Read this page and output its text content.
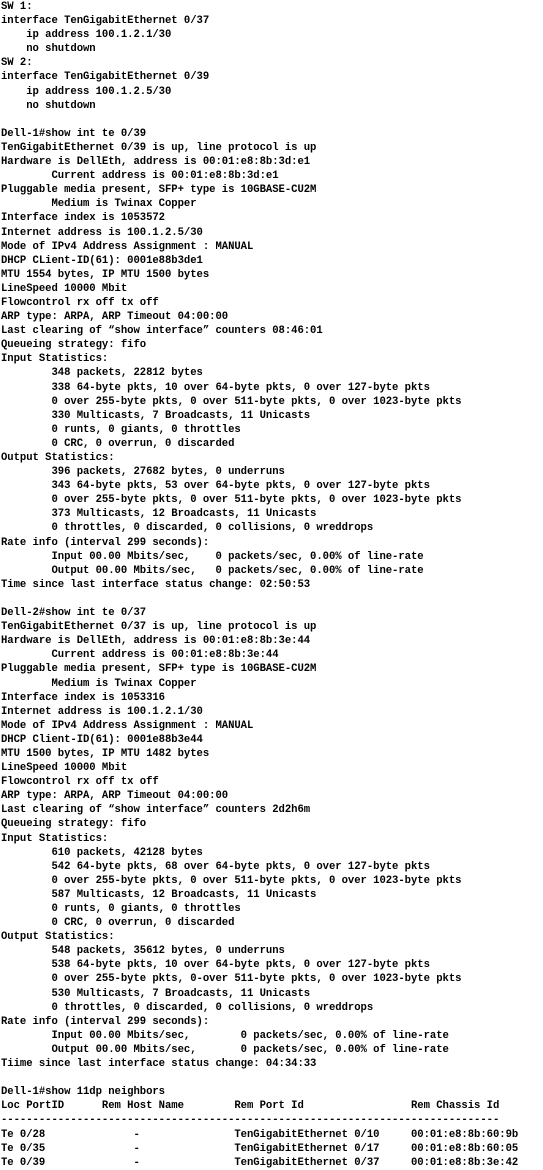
SW 1:
interface TenGigabitEthernet 0/37
ip address 100.1.2.1/30
no shutdown
SW 2:
interface TenGigabitEthernet 0/39
ip address 100.1.2.5/30
no shutdown
Dell-1#show int te 0/39
TenGigabitEthernet 0/39 is up, line protocol is up
Hardware is DellEth, address is 00:01:e8:8b:3d:e1
Current address is 00:01:e8:8b:3d:e1
Pluggable media present, SFP+ type is 10GBASE-CU2M
Medium is Twinax Copper
Interface index is 1053572
Internet address is 100.1.2.5/30
Mode of IPv4 Address Assignment : MANUAL
DHCP CLient-ID(61): 0001e88b3de1
MTU 1554 bytes, IP MTU 1500 bytes
LineSpeed 10000 Mbit
Flowcontrol rx off tx off
ARP type: ARPA, ARP Timeout 04:00:00
Last clearing of “show interface” counters 08:46:01
Queueing strategy: fifo
Input Statistics:
348 packets, 22812 bytes
338 64-byte pkts, 10 over 64-byte pkts, 0 over 127-byte pkts
0 over 255-byte pkts, 0 over 511-byte pkts, 0 over 1023-byte pkts
330 Multicasts, 7 Broadcasts, 11 Unicasts
0 runts, 0 giants, 0 throttles
0 CRC, 0 overrun, 0 discarded
Output Statistics:
396 packets, 27682 bytes, 0 underruns
343 64-byte pkts, 53 over 64-byte pkts, 0 over 127-byte pkts
0 over 255-byte pkts, 0 over 511-byte pkts, 0 over 1023-byte pkts
373 Multicasts, 12 Broadcasts, 11 Unicasts
0 throttles, 0 discarded, 0 collisions, 0 wreddrops
Rate info (interval 299 seconds):
Input 00.00 Mbits/sec,    0 packets/sec, 0.00% of line-rate
Output 00.00 Mbits/sec,   0 packets/sec, 0.00% of line-rate
Time since last interface status change: 02:50:53
Dell-2#show int te 0/37
TenGigabitEthernet 0/37 is up, line protocol is up
Hardware is DellEth, address is 00:01:e8:8b:3e:44
Current address is 00:01:e8:8b:3e:44
Pluggable media present, SFP+ type is 10GBASE-CU2M
Medium is Twinax Copper
Interface index is 1053316
Internet address is 100.1.2.1/30
Mode of IPv4 Address Assignment : MANUAL
DHCP Client-ID(61): 0001e88b3e44
MTU 1500 bytes, IP MTU 1482 bytes
LineSpeed 10000 Mbit
Flowcontrol rx off tx off
ARP type: ARPA, ARP Timeout 04:00:00
Last clearing of “show interface” counters 2d2h6m
Queueing strategy: fifo
Input Statistics:
610 packets, 42128 bytes
542 64-byte pkts, 68 over 64-byte pkts, 0 over 127-byte pkts
0 over 255-byte pkts, 0 over 511-byte pkts, 0 over 1023-byte pkts
587 Multicasts, 12 Broadcasts, 11 Unicasts
0 runts, 0 giants, 0 throttles
0 CRC, 0 overrun, 0 discarded
Output Statistics:
548 packets, 35612 bytes, 0 underruns
538 64-byte pkts, 10 over 64-byte pkts, 0 over 127-byte pkts
0 over 255-byte pkts, 0-over 511-byte pkts, 0 over 1023-byte pkts
530 Multicasts, 7 Broadcasts, 11 Unicasts
0 throttles, 0 discarded, 0 collisions, 0 wreddrops
Rate info (interval 299 seconds):
Input 00.00 Mbits/sec,        0 packets/sec, 0.00% of line-rate
Output 00.00 Mbits/sec,       0 packets/sec, 0.00% of line-rate
Tiime since last interface status change: 04:34:33
Dell-1#show 11dp neighbors
Loc PortID      Rem Host Name        Rem Port Id                 Rem Chassis Id
-------------------------------------------------------------------------------
Te 0/28              -               TenGigabitEthernet 0/10     00:01:e8:8b:60:9b
Te 0/35              -               TenGigabitEthernet 0/17     00:01:e8:8b:60:05
Te 0/39              -               TenGigabitEthernet 0/37     00:01:e8:8b:3e:42
